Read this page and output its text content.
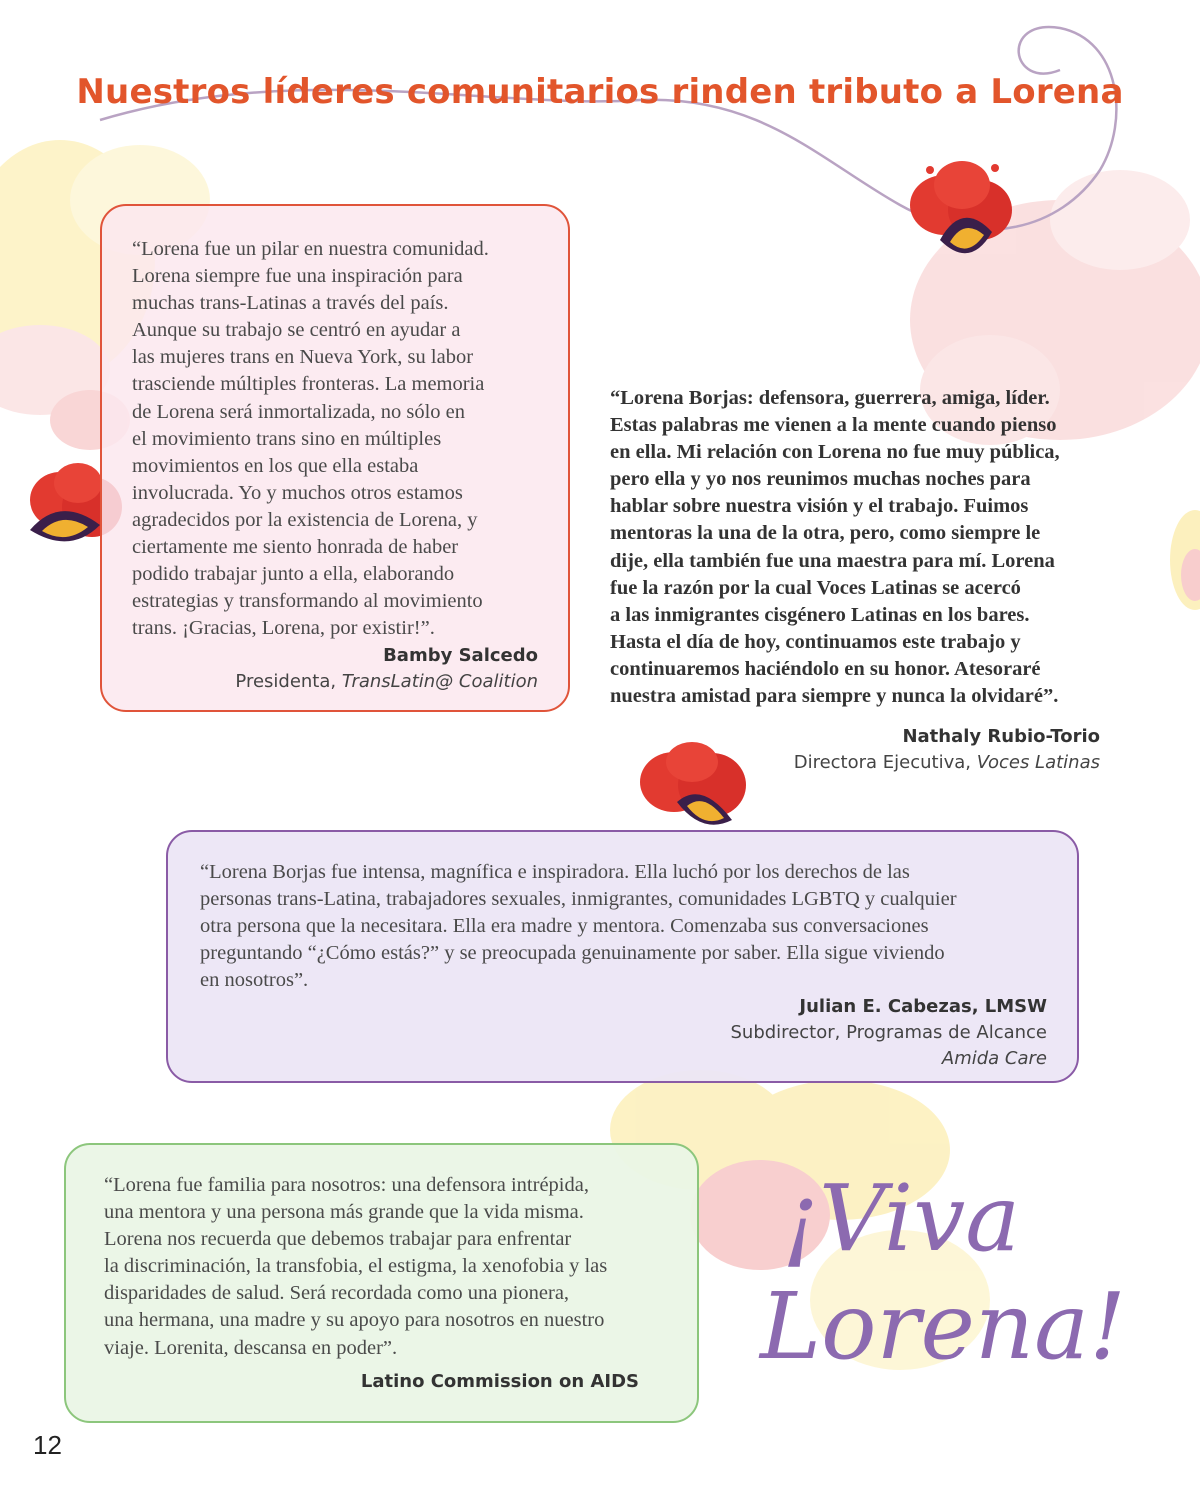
Nuestros líderes comunitarios rinden tributo a Lorena

“Lorena fue un pilar en nuestra comunidad.
Lorena siempre fue una inspiración para
muchas trans-Latinas a través del país.
Aunque su trabajo se centró en ayudar a
las mujeres trans en Nueva York, su labor
trasciende múltiples fronteras. La memoria
de Lorena será inmortalizada, no sólo en
el movimiento trans sino en múltiples
movimientos en los que ella estaba
involucrada. Yo y muchos otros estamos
agradecidos por la existencia de Lorena, y
ciertamente me siento honrada de haber
podido trabajar junto a ella, elaborando
estrategias y transformando al movimiento
trans. ¡Gracias, Lorena, por existir!”.

Bamby Salcedo
Presidenta, TransLatin@ Coalition

“Lorena Borjas: defensora, guerrera, amiga, líder.
Estas palabras me vienen a la mente cuando pienso
en ella. Mi relación con Lorena no fue muy pública,
pero ella y yo nos reunimos muchas noches para
hablar sobre nuestra visión y el trabajo. Fuimos
mentoras la una de la otra, pero, como siempre le
dije, ella también fue una maestra para mí. Lorena
fue la razón por la cual Voces Latinas se acercó
a las inmigrantes cisgénero Latinas en los bares.
Hasta el día de hoy, continuamos este trabajo y
continuaremos haciéndolo en su honor. Atesoraré
nuestra amistad para siempre y nunca la olvidaré”.

Nathaly Rubio-Torio
Directora Ejecutiva, Voces Latinas

“Lorena Borjas fue intensa, magnífica e inspiradora. Ella luchó por los derechos de las
personas trans-Latina, trabajadores sexuales, inmigrantes, comunidades LGBTQ y cualquier
otra persona que la necesitara. Ella era madre y mentora. Comenzaba sus conversaciones
preguntando “¿Cómo estás?” y se preocupada genuinamente por saber. Ella sigue viviendo
en nosotros”.

Julian E. Cabezas, LMSW
Subdirector, Programas de Alcance
Amida Care

“Lorena fue familia para nosotros: una defensora intrépida,
una mentora y una persona más grande que la vida misma.
Lorena nos recuerda que debemos trabajar para enfrentar
la discriminación, la transfobia, el estigma, la xenofobia y las
disparidades de salud. Será recordada como una pionera,
una hermana, una madre y su apoyo para nosotros en nuestro
viaje. Lorenita, descansa en poder”.

Latino Commission on AIDS
¡Viva
Lorena!
12
